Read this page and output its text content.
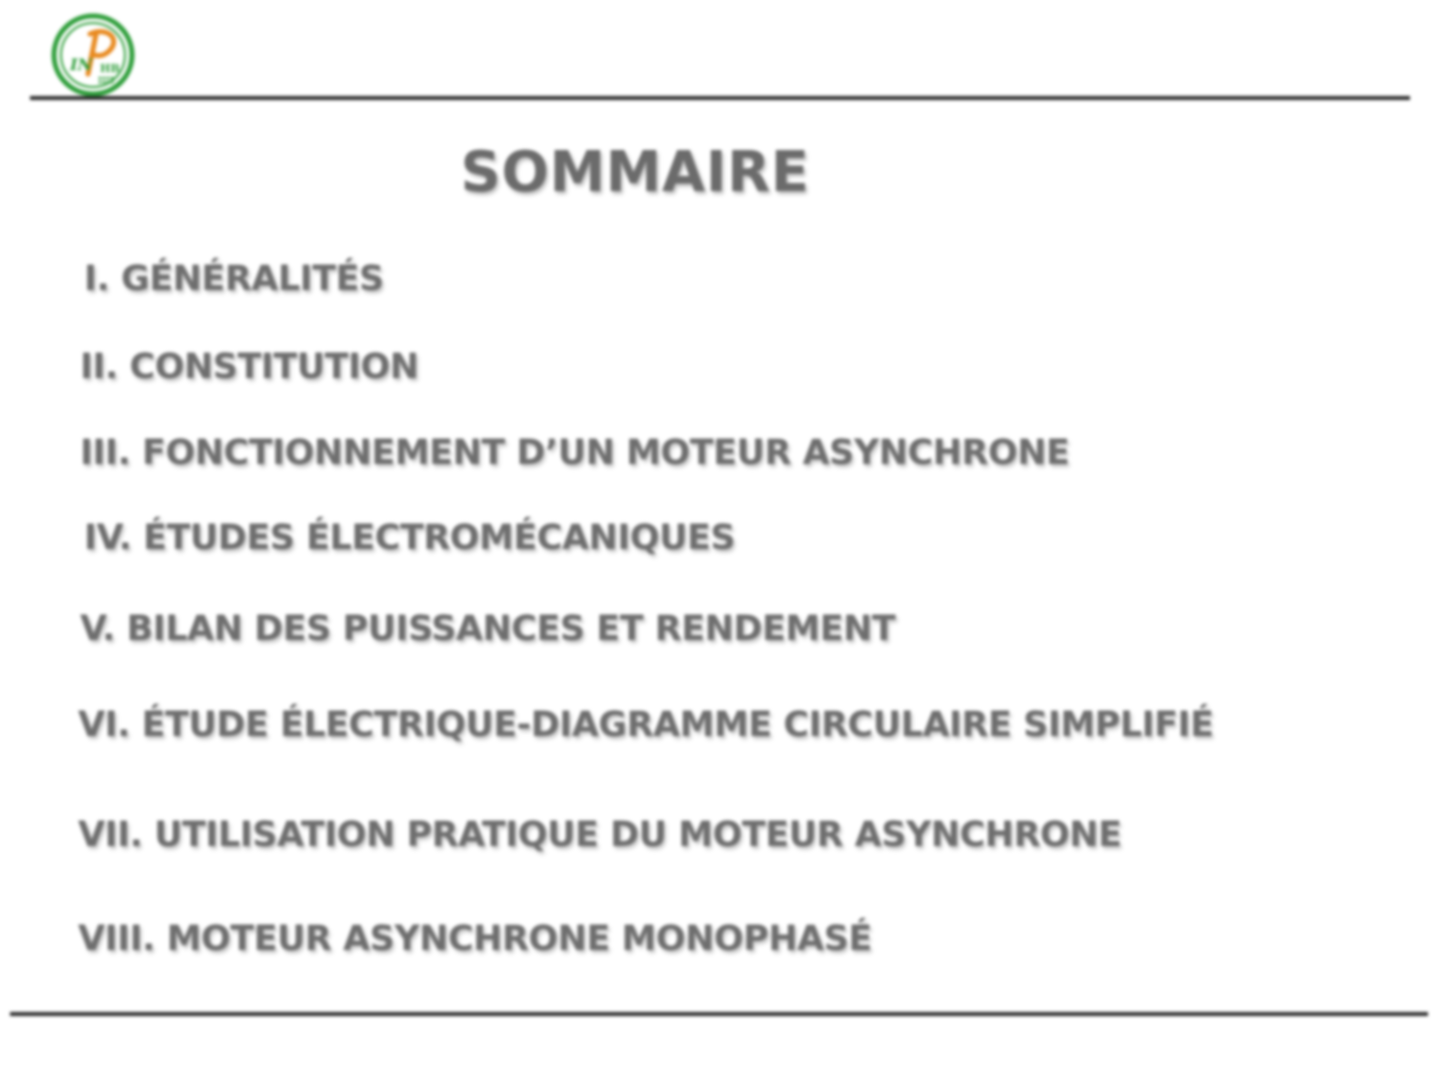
IN HB
SOMMAIRE
I. GÉNÉRALITÉS
II. CONSTITUTION
III. FONCTIONNEMENT D’UN MOTEUR ASYNCHRONE
IV. ÉTUDES ÉLECTROMÉCANIQUES
V. BILAN DES PUISSANCES ET RENDEMENT
VI. ÉTUDE ÉLECTRIQUE-DIAGRAMME CIRCULAIRE SIMPLIFIÉ
VII. UTILISATION PRATIQUE DU MOTEUR ASYNCHRONE
VIII. MOTEUR ASYNCHRONE MONOPHASÉ
